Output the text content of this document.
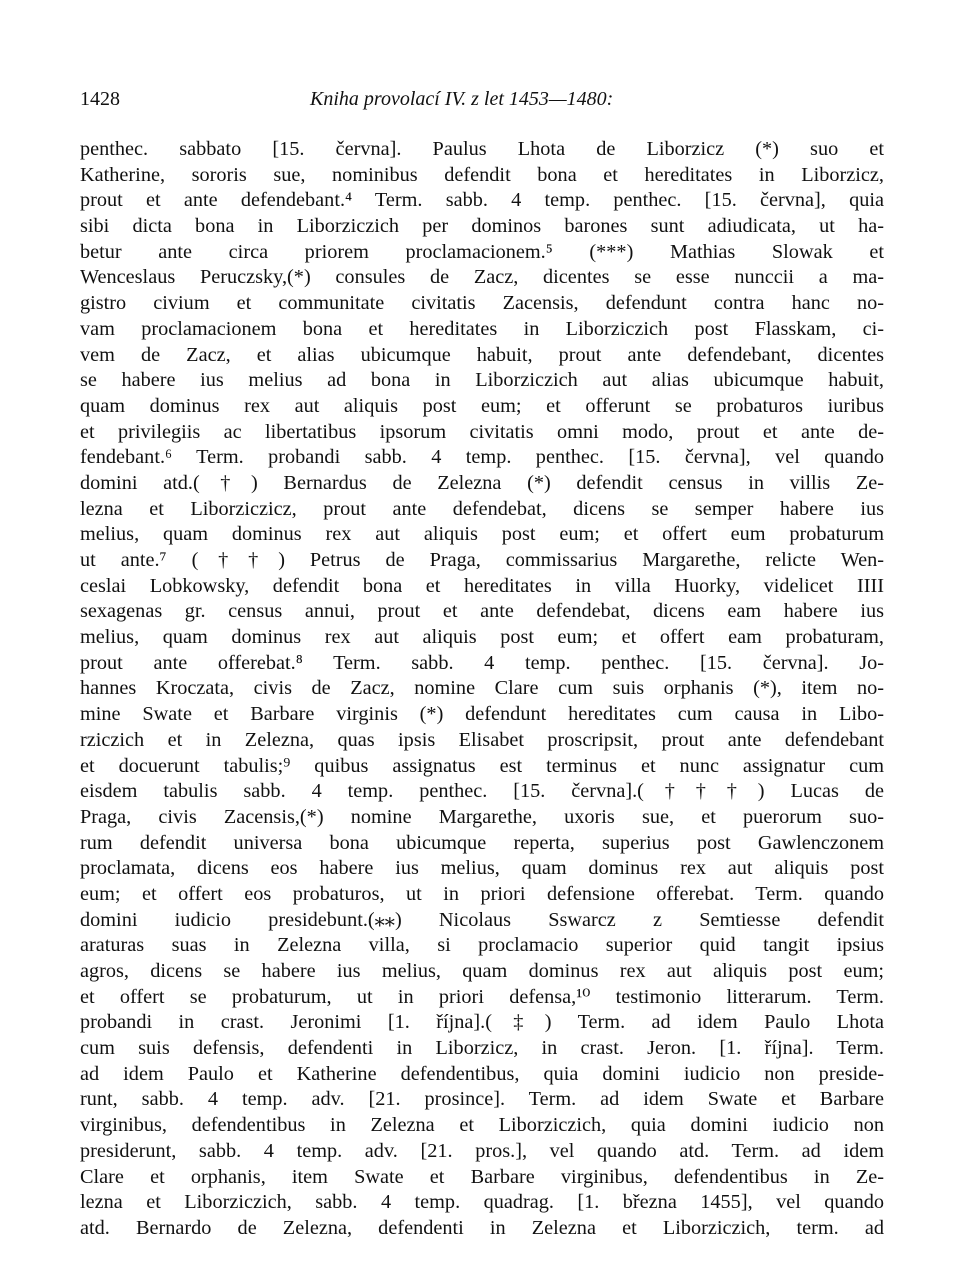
1428	Kniha provolací IV. z let 1453—1480:
penthec. sabbato [15. června]. Paulus Lhota de Liborzicz (*) suo et
Katherine, sororis sue, nominibus defendit bona et hereditates in Liborzicz,
prout et ante defendebant.⁴ Term. sabb. 4 temp. penthec. [15. června], quia
sibi dicta bona in Liborziczich per dominos barones sunt adiudicata, ut ha-
betur ante circa priorem proclamacionem.⁵ (***) Mathias Slowak et
Wenceslaus Peruczsky,(*) consules de Zacz, dicentes se esse nunccii a ma-
gistro civium et communitate civitatis Zacensis, defendunt contra hanc no-
vam proclamacionem bona et hereditates in Liborziczich post Flasskam, ci-
vem de Zacz, et alias ubicumque habuit, prout ante defendebant, dicentes
se habere ius melius ad bona in Liborziczich aut alias ubicumque habuit,
quam dominus rex aut aliquis post eum; et offerunt se probaturos iuribus
et privilegiis ac libertatibus ipsorum civitatis omni modo, prout et ante de-
fendebant.⁶ Term. probandi sabb. 4 temp. penthec. [15. června], vel quando
domini atd.(†) Bernardus de Zelezna (*) defendit census in villis Ze-
lezna et Liborziczicz, prout ante defendebat, dicens se semper habere ius
melius, quam dominus rex aut aliquis post eum; et offert eum probaturum
ut ante.⁷ (††) Petrus de Praga, commissarius Margarethe, relicte Wen-
ceslai Lobkowsky, defendit bona et hereditates in villa Huorky, videlicet IIII
sexagenas gr. census annui, prout et ante defendebat, dicens eam habere ius
melius, quam dominus rex aut aliquis post eum; et offert eam probaturam,
prout ante offerebat.⁸ Term. sabb. 4 temp. penthec. [15. června]. Jo-
hannes Kroczata, civis de Zacz, nomine Clare cum suis orphanis (*), item no-
mine Swate et Barbare virginis (*) defendunt hereditates cum causa in Libo-
rziczich et in Zelezna, quas ipsis Elisabet proscripsit, prout ante defendebant
et docuerunt tabulis;⁹ quibus assignatus est terminus et nunc assignatur cum
eisdem tabulis sabb. 4 temp. penthec. [15. června].(†††) Lucas de
Praga, civis Zacensis,(*) nomine Margarethe, uxoris sue, et puerorum suo-
rum defendit universa bona ubicumque reperta, superius post Gawlenczonem
proclamata, dicens eos habere ius melius, quam dominus rex aut aliquis post
eum; et offert eos probaturos, ut in priori defensione offerebat. Term. quando
domini iudicio presidebunt.(⁎⁎) Nicolaus Sswarcz z Semtiesse defendit
araturas suas in Zelezna villa, si proclamacio superior quid tangit ipsius
agros, dicens se habere ius melius, quam dominus rex aut aliquis post eum;
et offert se probaturum, ut in priori defensa,¹⁰ testimonio litterarum. Term.
probandi in crast. Jeronimi [1. října].(‡) Term. ad idem Paulo Lhota
cum suis defensis, defendenti in Liborzicz, in crast. Jeron. [1. října]. Term.
ad idem Paulo et Katherine defendentibus, quia domini iudicio non preside-
runt, sabb. 4 temp. adv. [21. prosince]. Term. ad idem Swate et Barbare
virginibus, defendentibus in Zelezna et Liborziczich, quia domini iudicio non
presiderunt, sabb. 4 temp. adv. [21. pros.], vel quando atd. Term. ad idem
Clare et orphanis, item Swate et Barbare virginibus, defendentibus in Ze-
lezna et Liborziczich, sabb. 4 temp. quadrag. [1. března 1455], vel quando
atd. Bernardo de Zelezna, defendenti in Zelezna et Liborziczich, term. ad
